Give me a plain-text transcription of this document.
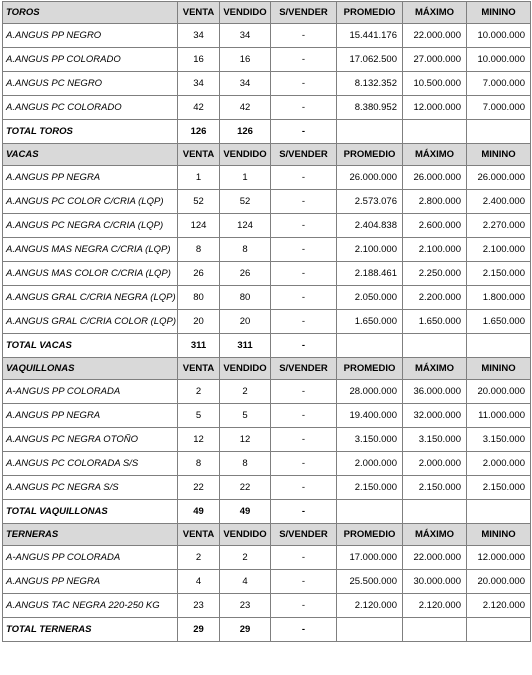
TOROS	VENTA	VENDIDO	S/VENDER	PROMEDIO	MÁXIMO	MININO
A.ANGUS PP NEGRO	34	34	-	15.441.176	22.000.000	10.000.000
A.ANGUS PP COLORADO	16	16	-	17.062.500	27.000.000	10.000.000
A.ANGUS PC NEGRO	34	34	-	8.132.352	10.500.000	7.000.000
A.ANGUS PC COLORADO	42	42	-	8.380.952	12.000.000	7.000.000
TOTAL TOROS	126	126	-			
VACAS	VENTA	VENDIDO	S/VENDER	PROMEDIO	MÁXIMO	MININO
A.ANGUS PP NEGRA	1	1	-	26.000.000	26.000.000	26.000.000
A.ANGUS PC COLOR C/CRIA (LQP)	52	52	-	2.573.076	2.800.000	2.400.000
A.ANGUS PC NEGRA C/CRIA (LQP)	124	124	-	2.404.838	2.600.000	2.270.000
A.ANGUS MAS NEGRA C/CRIA (LQP)	8	8	-	2.100.000	2.100.000	2.100.000
A.ANGUS MAS COLOR C/CRIA (LQP)	26	26	-	2.188.461	2.250.000	2.150.000
A.ANGUS GRAL C/CRIA NEGRA (LQP)	80	80	-	2.050.000	2.200.000	1.800.000
A.ANGUS GRAL C/CRIA COLOR (LQP)	20	20	-	1.650.000	1.650.000	1.650.000
TOTAL VACAS	311	311	-			
VAQUILLONAS	VENTA	VENDIDO	S/VENDER	PROMEDIO	MÁXIMO	MININO
A-ANGUS PP COLORADA	2	2	-	28.000.000	36.000.000	20.000.000
A.ANGUS PP NEGRA	5	5	-	19.400.000	32.000.000	11.000.000
A.ANGUS PC NEGRA OTOÑO	12	12	-	3.150.000	3.150.000	3.150.000
A.ANGUS PC COLORADA S/S	8	8	-	2.000.000	2.000.000	2.000.000
A.ANGUS PC NEGRA S/S	22	22	-	2.150.000	2.150.000	2.150.000
TOTAL VAQUILLONAS	49	49	-			
TERNERAS	VENTA	VENDIDO	S/VENDER	PROMEDIO	MÁXIMO	MININO
A-ANGUS PP COLORADA	2	2	-	17.000.000	22.000.000	12.000.000
A.ANGUS PP NEGRA	4	4	-	25.500.000	30.000.000	20.000.000
A.ANGUS TAC NEGRA 220-250 KG	23	23	-	2.120.000	2.120.000	2.120.000
TOTAL TERNERAS	29	29	-			
